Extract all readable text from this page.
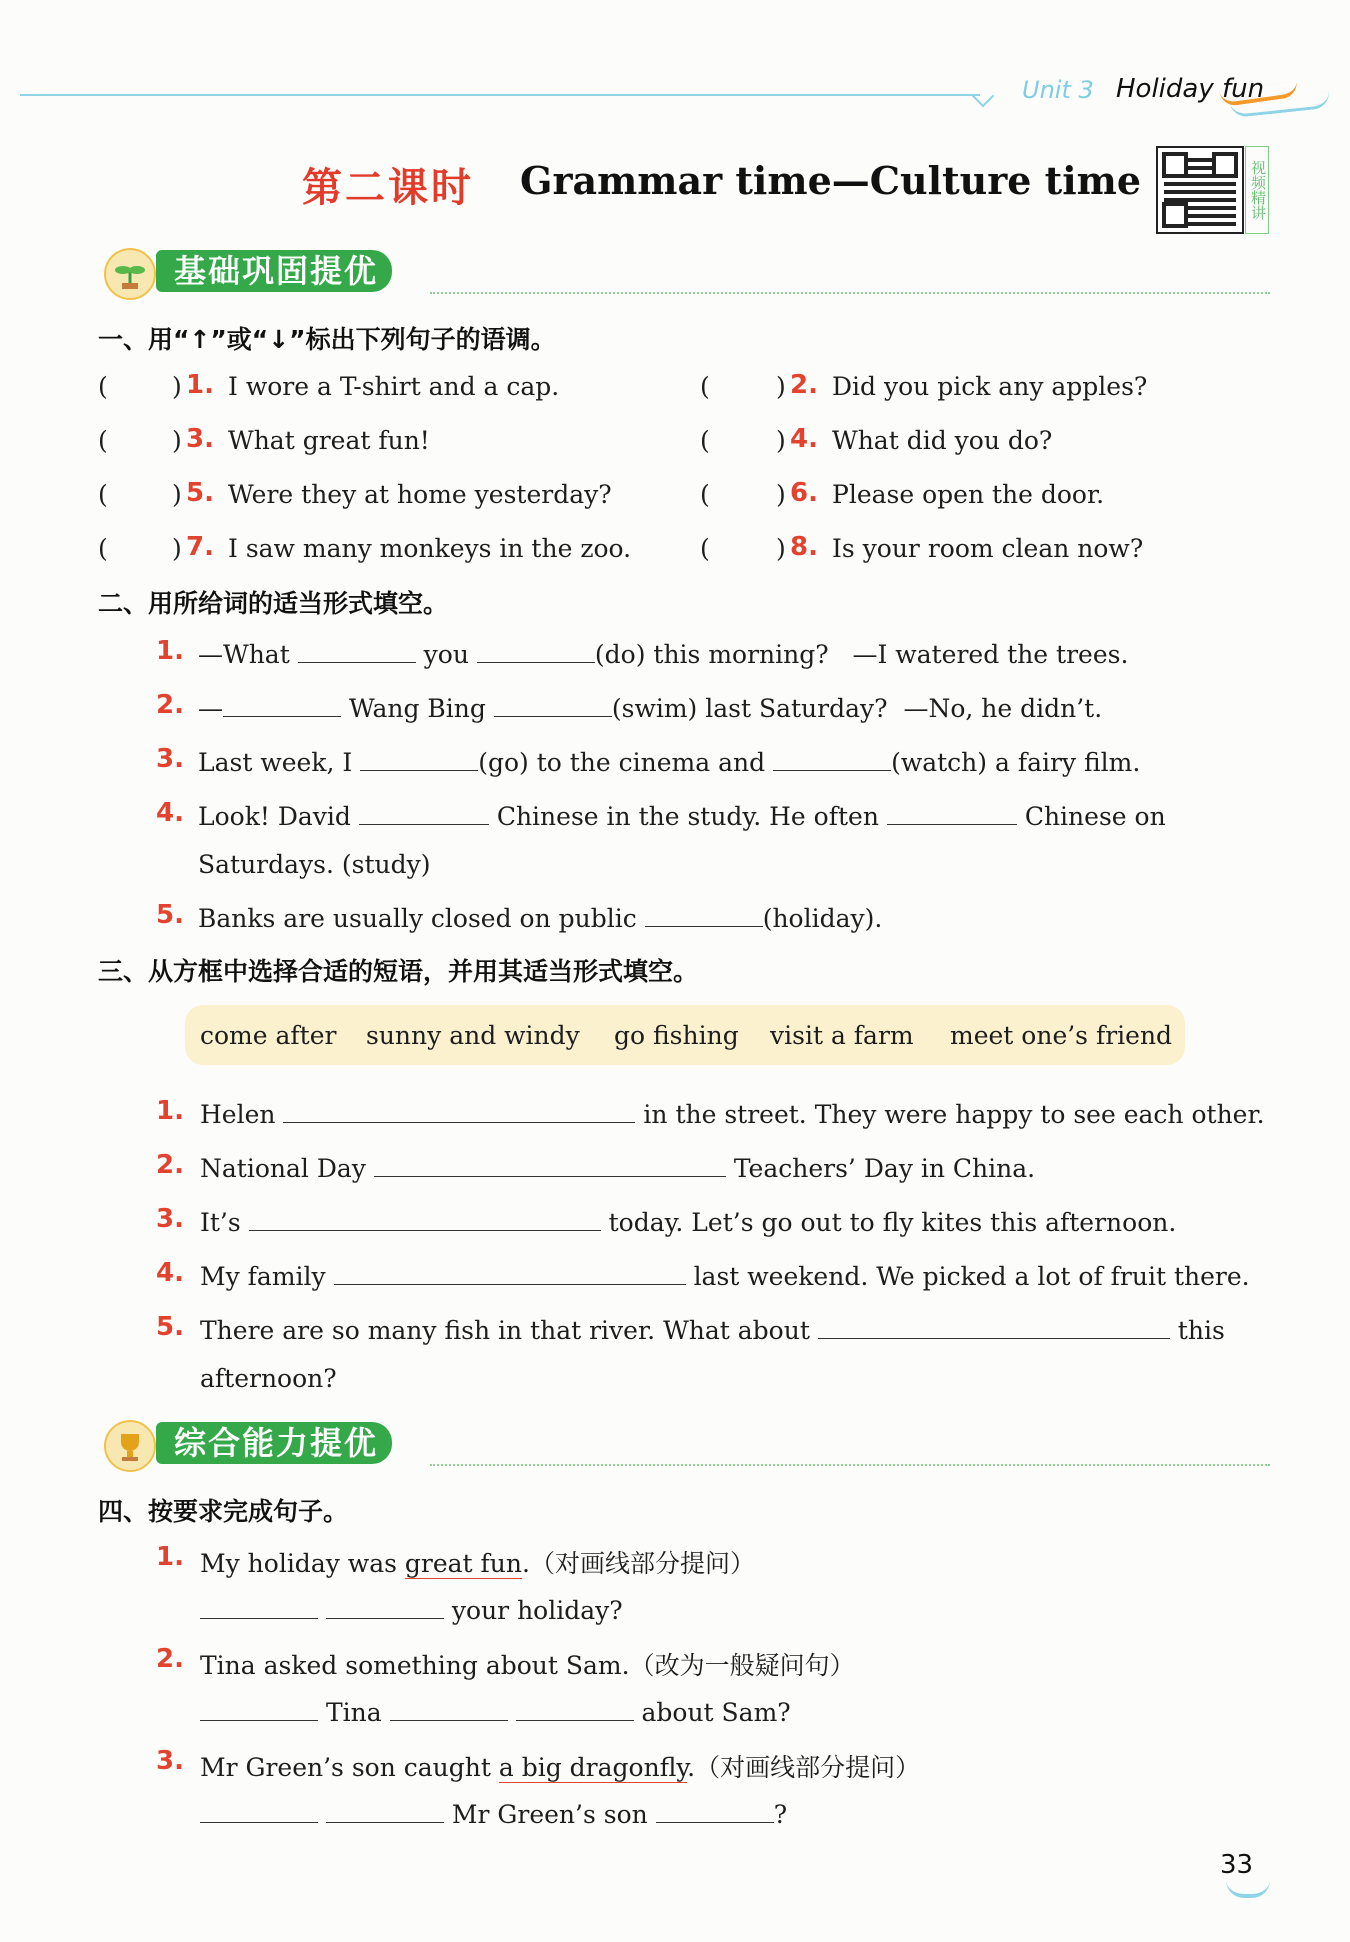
Unit 3 Holiday fun
第二课时 Grammar time—Culture time	视频精讲
基础巩固提优
一、用“↑”或“↓”标出下列句子的语调。
(	) 1. I wore a T-shirt and a cap.	(	) 2. Did you pick any apples?
(	) 3. What great fun!	(	) 4. What did you do?
(	) 5. Were they at home yesterday?	(	) 6. Please open the door.
(	) 7. I saw many monkeys in the zoo.	(	) 8. Is your room clean now?
二、用所给词的适当形式填空。
1. —What	you	(do) this morning? —I watered the trees.
2. —	Wang Bing	(swim) last Saturday? —No, he didn’t.
3. Last week, I	(go) to the cinema and	(watch) a fairy film.
4. Look! David	Chinese in the study. He often	Chinese on
Saturdays. (study)
5. Banks are usually closed on public	(holiday).
三、从方框中选择合适的短语，并用其适当形式填空。
come after sunny and windy go fishing visit a farm meet one’s friend
1. Helen	in the street. They were happy to see each other.
2. National Day	Teachers’ Day in China.
3. It’s	today. Let’s go out to fly kites this afternoon.
4. My family	last weekend. We picked a lot of fruit there.
5. There are so many fish in that river. What about	this
afternoon?
综合能力提优
四、按要求完成句子。
1. My holiday was great fun.（对画线部分提问）
your holiday?
2. Tina asked something about Sam.（改为一般疑问句）
Tina	about Sam?
3. Mr Green’s son caught a big dragonfly.（对画线部分提问）
Mr Green’s son	?
33
